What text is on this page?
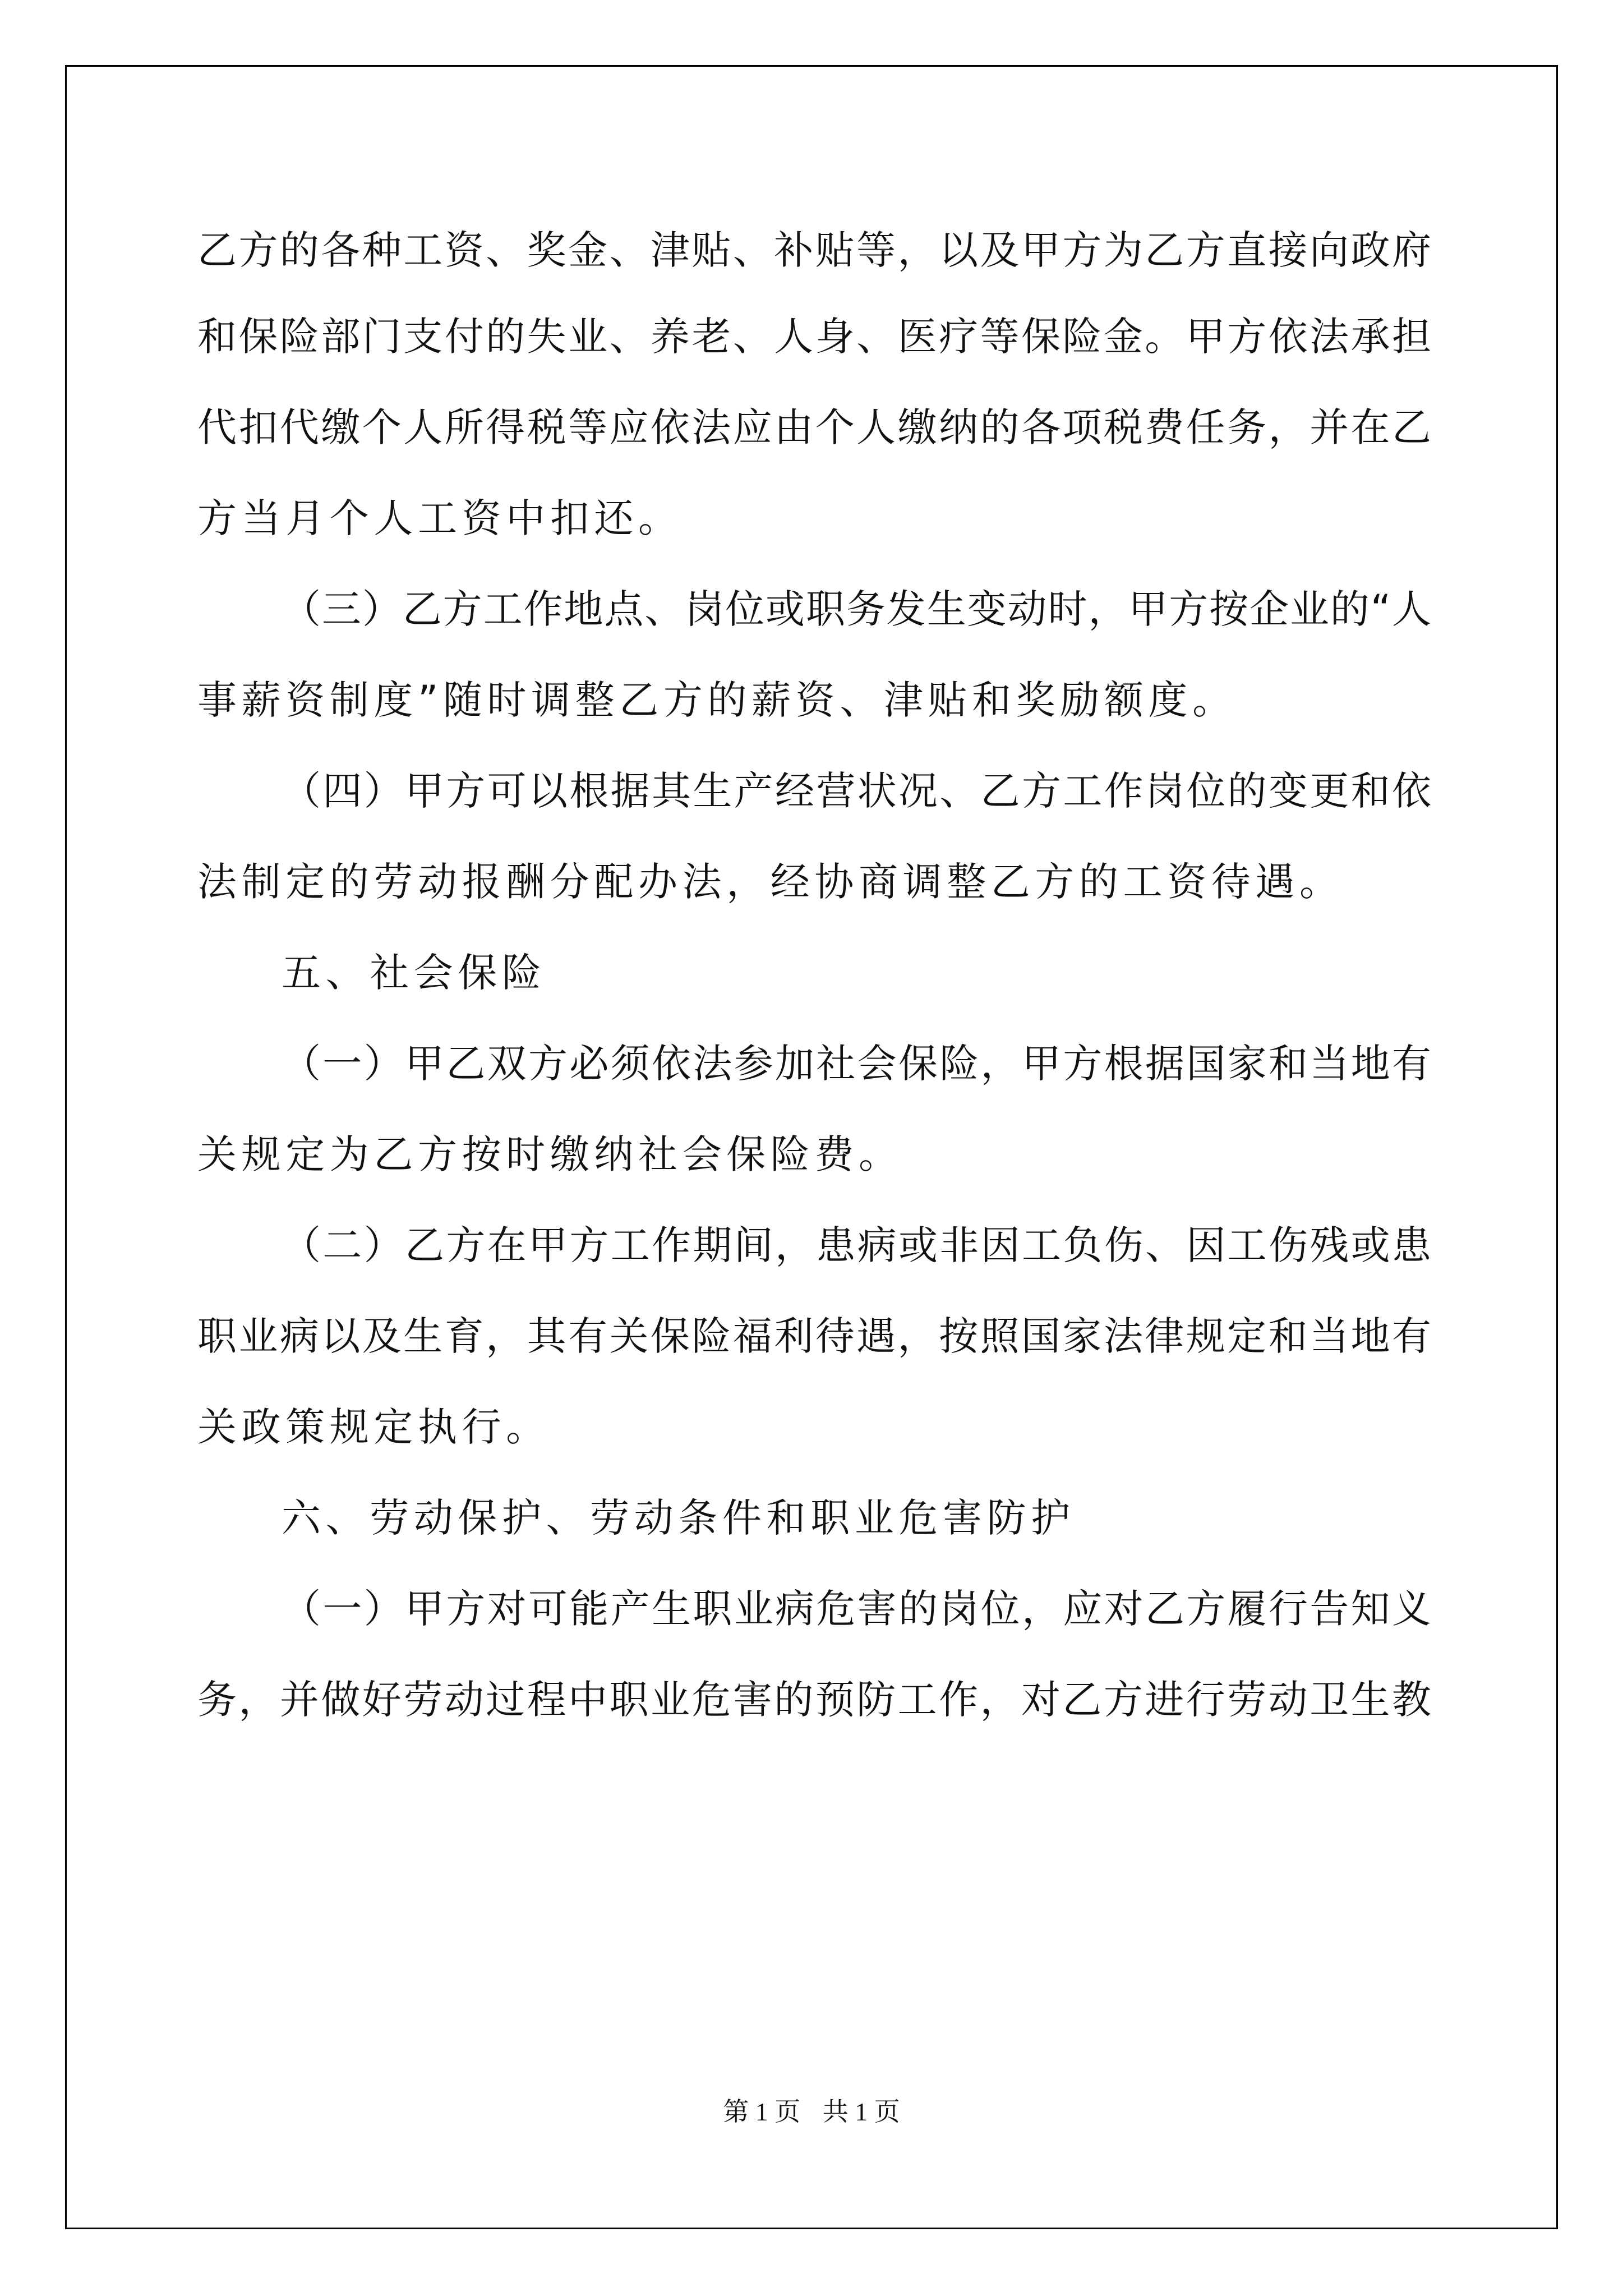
乙方的各种工资、奖金、津贴、补贴等，以及甲方为乙方直接向政府
和保险部门支付的失业、养老、人身、医疗等保险金。甲方依法承担
代扣代缴个人所得税等应依法应由个人缴纳的各项税费任务，并在乙
方当月个人工资中扣还。
（三）乙方工作地点、岗位或职务发生变动时，甲方按企业的“人
事薪资制度”随时调整乙方的薪资、津贴和奖励额度。
（四）甲方可以根据其生产经营状况、乙方工作岗位的变更和依
法制定的劳动报酬分配办法，经协商调整乙方的工资待遇。
五、社会保险
（一）甲乙双方必须依法参加社会保险，甲方根据国家和当地有
关规定为乙方按时缴纳社会保险费。
（二）乙方在甲方工作期间，患病或非因工负伤、因工伤残或患
职业病以及生育，其有关保险福利待遇，按照国家法律规定和当地有
关政策规定执行。
六、劳动保护、劳动条件和职业危害防护
（一）甲方对可能产生职业病危害的岗位，应对乙方履行告知义
务，并做好劳动过程中职业危害的预防工作，对乙方进行劳动卫生教
第 1 页 共 1 页
